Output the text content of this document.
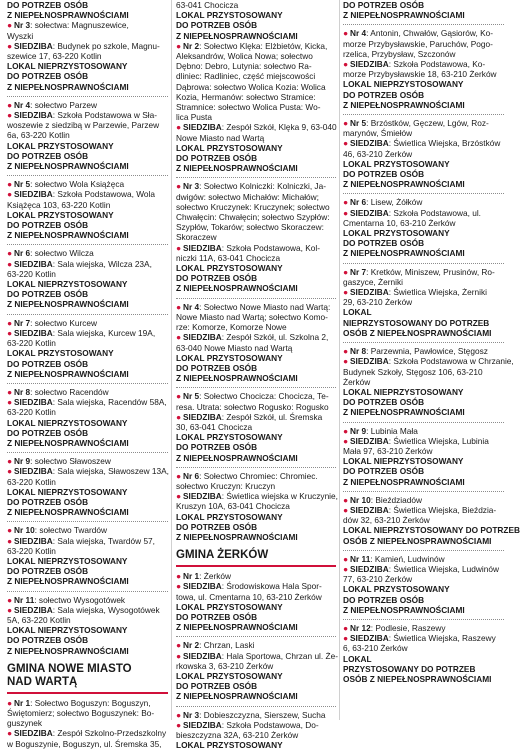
DO POTRZEB OSÓB
Z NIEPEŁNOSPRAWNOŚCIAMI
● Nr 3: sołectwa: Magnuszewice,
Wyszki
● SIEDZIBA: Budynek po szkole, Magnu-
szewice 17, 63-220 Kotlin
LOKAL NIEPRZYSTOSOWANY
DO POTRZEB OSÓB
Z NIEPEŁNOSPRAWNOŚCIAMI
● Nr 4: sołectwo Parzew
● SIEDZIBA: Szkoła Podstawowa w Sła-
woszewie z siedzibą w Parzewie, Parzew
6a, 63-220 Kotlin
LOKAL PRZYSTOSOWANY
DO POTRZEB OSÓB
Z NIEPEŁNOSPRAWNOŚCIAMI
● Nr 5: sołectwo Wola Książęca
● SIEDZIBA: Szkoła Podstawowa, Wola
Książęca 103, 63-220 Kotlin
LOKAL PRZYSTOSOWANY
DO POTRZEB OSÓB
Z NIEPEŁNOSPRAWNOŚCIAMI
● Nr 6: sołectwo Wilcza
● SIEDZIBA: Sala wiejska, Wilcza 23A,
63-220 Kotlin
LOKAL NIEPRZYSTOSOWANY
DO POTRZEB OSÓB
Z NIEPEŁNOSPRAWNOŚCIAMI
● Nr 7: sołectwo Kurcew
● SIEDZIBA: Sala wiejska, Kurcew 19A,
63-220 Kotlin
LOKAL PRZYSTOSOWANY
DO POTRZEB OSÓB
Z NIEPEŁNOSPRAWNOŚCIAMI
● Nr 8: sołectwo Racendów
● SIEDZIBA: Sala wiejska, Racendów 58A,
63-220 Kotlin
LOKAL NIEPRZYSTOSOWANY
DO POTRZEB OSÓB
Z NIEPEŁNOSPRAWNOŚCIAMI
● Nr 9: sołectwo Sławoszew
● SIEDZIBA: Sala wiejska, Sławoszew 13A,
63-220 Kotlin
LOKAL NIEPRZYSTOSOWANY
DO POTRZEB OSÓB
Z NIEPEŁNOSPRAWNOŚCIAMI
● Nr 10: sołectwo Twardów
● SIEDZIBA: Sala wiejska, Twardów 57,
63-220 Kotlin
LOKAL NIEPRZYSTOSOWANY
DO POTRZEB OSÓB
Z NIEPEŁNOSPRAWNOŚCIAMI
● Nr 11: sołectwo Wysogotówek
● SIEDZIBA: Sala wiejska, Wysogotówek
5A, 63-220 Kotlin
LOKAL NIEPRZYSTOSOWANY
DO POTRZEB OSÓB
Z NIEPEŁNOSPRAWNOŚCIAMI
GMINA NOWE MIASTO
NAD WARTĄ
● Nr 1: Sołectwo Boguszyn: Boguszyn,
Świętomierz; sołectwo Boguszynek: Bo-
guszynek
● SIEDZIBA: Zespół Szkolno-Przedszkolny
w Boguszynie, Boguszyn, ul. Śremska 35,
63-041 Chocicza
LOKAL PRZYSTOSOWANY
DO POTRZEB OSÓB
Z NIEPEŁNOSPRAWNOŚCIAMI
● Nr 2: Sołectwo Klęka: Elżbietów, Kicka,
Aleksandrów, Wolica Nowa; sołectwo
Dębno: Debro, Lutynia: sołectwo Ra-
dliniec: Radliniec, część miejscowości
Dąbrowa: sołectwo Wolica Kozia: Wolica
Kozia, Hermanów: sołectwo Stramice:
Stramnice: sołectwo Wolica Pusta: Wo-
lica Pusta
● SIEDZIBA: Zespół Szkół, Klęka 9, 63-040
Nowe Miasto nad Wartą
LOKAL PRZYSTOSOWANY
DO POTRZEB OSÓB
Z NIEPEŁNOSPRAWNOŚCIAMI
● Nr 3: Sołectwo Kolniczki: Kolniczki, Ja-
dwigów: sołectwo Michałów: Michałów;
sołectwo Kruczynek: Kruczynek; sołectwo
Chwałęcin: Chwałęcin; sołectwo Szypłów:
Szypłów, Tokarów; sołectwo Skoraczew:
Skoraczew
● SIEDZIBA: Szkoła Podstawowa, Kol-
niczki 11A, 63-041 Chocicza
LOKAL PRZYSTOSOWANY
DO POTRZEB OSÓB
Z NIEPEŁNOSPRAWNOŚCIAMI
● Nr 4: Sołectwo Nowe Miasto nad Wartą:
Nowe Miasto nad Wartą; sołectwo Komo-
rze: Komorze, Komorze Nowe
● SIEDZIBA: Zespół Szkół, ul. Szkolna 2,
63-040 Nowe Miasto nad Wartą
LOKAL PRZYSTOSOWANY
DO POTRZEB OSÓB
Z NIEPEŁNOSPRAWNOŚCIAMI
● Nr 5: Sołectwo Chocicza: Chocicza, Te-
resa. Utrata: sołectwo Rogusko: Rogusko
● SIEDZIBA: Zespół Szkół, ul. Śremska
30, 63-041 Chocicza
LOKAL PRZYSTOSOWANY
DO POTRZEB OSÓB
Z NIEPEŁNOSPRAWNOŚCIAMI
● Nr 6: Sołectwo Chromiec: Chromiec.
sołectwo Kruczyn: Kruczyn
● SIEDZIBA: Świetlica wiejska w Kruczynie,
Kruszyn 10A, 63-041 Chocicza
LOKAL PRZYSTOSOWANY
DO POTRZEB OSÓB
Z NIEPEŁNOSPRAWNOŚCIAMI
GMINA ŻERKÓW
● Nr 1: Żerków
● SIEDZIBA: Środowiskowa Hala Spor-
towa, ul. Cmentarna 10, 63-210 Żerków
LOKAL PRZYSTOSOWANY
DO POTRZEB OSÓB
Z NIEPEŁNOSPRAWNOŚCIAMI
● Nr 2: Chrzan, Laski
● SIEDZIBA: Hala Sportowa, Chrzan ul. Że-
rkowska 3, 63-210 Żerków
LOKAL PRZYSTOSOWANY
DO POTRZEB OSÓB
Z NIEPEŁNOSPRAWNOŚCIAMI
● Nr 3: Dobieszczyzna, Sierszew, Sucha
● SIEDZIBA: Szkoła Podstawowa, Do-
bieszczyzna 32A, 63-210 Żerków
LOKAL PRZYSTOSOWANY
DO POTRZEB OSÓB
Z NIEPEŁNOSPRAWNOŚCIAMI
● Nr 4: Antonin, Chwałów, Gąsiorów, Ko-
morze Przybysławskie, Paruchów, Pogo-
rzelica, Przybysław, Szczonów
● SIEDZIBA: Szkoła Podstawowa, Ko-
morze Przybysławskie 18, 63-210 Żerków
LOKAL NIEPRZYSTOSOWANY
DO POTRZEB OSÓB
Z NIEPEŁNOSPRAWNOŚCIAMI
● Nr 5: Brzóstków, Gęczew, Lgów, Roz-
marynów, Śmiełów
● SIEDZIBA: Świetlica Wiejska, Brzóstków
46, 63-210 Żerków
LOKAL PRZYSTOSOWANY
DO POTRZEB OSÓB
Z NIEPEŁNOSPRAWNOŚCIAMI
● Nr 6: Lisew, Żółków
● SIEDZIBA: Szkoła Podstawowa, ul.
Cmentarna 10, 63-210 Żerków
LOKAL PRZYSTOSOWANY
DO POTRZEB OSÓB
Z NIEPEŁNOSPRAWNOŚCIAMI
● Nr 7: Kretków, Miniszew, Prusinów, Ro-
gaszyce, Żerniki
● SIEDZIBA: Świetlica Wiejska, Żerniki
29, 63-210 Żerków
LOKAL
NIEPRZYSTOSOWANY DO POTRZEB
OSÓB Z NIEPEŁNOSPRAWNOŚCIAMI
● Nr 8: Parzewnia, Pawłowice, Stęgosz
● SIEDZIBA: Szkoła Podstawowa w Chrzanie,
Budynek Szkoły, Stęgosz 106, 63-210
Żerków
LOKAL NIEPRZYSTOSOWANY
DO POTRZEB OSÓB
Z NIEPEŁNOSPRAWNOŚCIAMI
● Nr 9: Lubinia Mała
● SIEDZIBA: Świetlica Wiejska, Lubinia
Mała 97, 63-210 Żerków
LOKAL NIEPRZYSTOSOWANY
DO POTRZEB OSÓB
Z NIEPEŁNOSPRAWNOŚCIAMI
● Nr 10: Bieździadów
● SIEDZIBA: Świetlica Wiejska, Bieździa-
dów 32, 63-210 Żerków
LOKAL NIEPRZYSTOSOWANY DO POTRZEB
OSÓB Z NIEPEŁNOSPRAWNOŚCIAMI
● Nr 11: Kamień, Ludwinów
● SIEDZIBA: Świetlica Wiejska, Ludwinów
77, 63-210 Żerków
LOKAL PRZYSTOSOWANY
DO POTRZEB OSÓB
Z NIEPEŁNOSPRAWNOŚCIAMI
● Nr 12: Podlesie, Raszewy
● SIEDZIBA: Świetlica Wiejska, Raszewy
6, 63-210 Żerków
LOKAL
PRZYSTOSOWANY DO POTRZEB
OSÓB Z NIEPEŁNOSPRAWNOŚCIAMI
